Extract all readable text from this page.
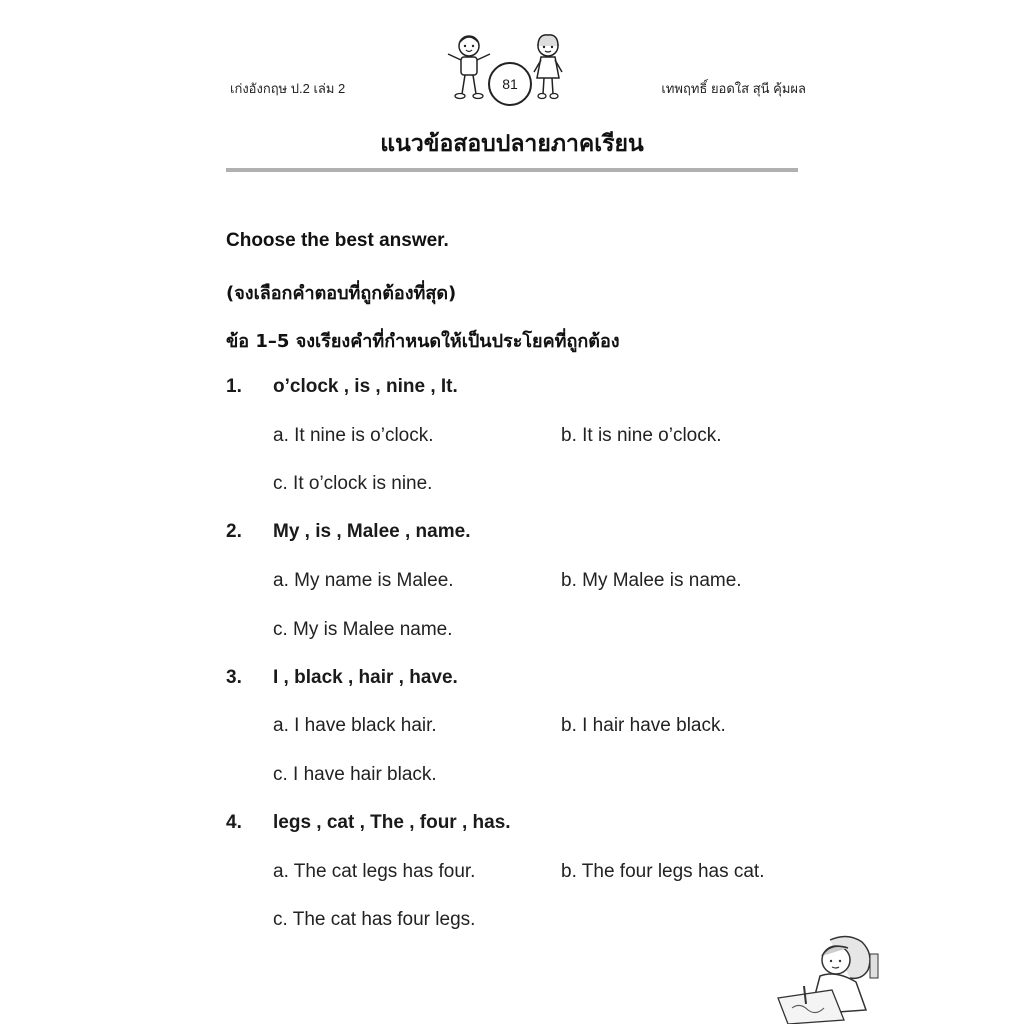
เก่งอังกฤษ ป.2 เล่ม 2	81	เทพฤทธิ์ ยอดใส สุนี คุ้มผล
แนวข้อสอบปลายภาคเรียน
Choose the best answer.
(จงเลือกคำตอบที่ถูกต้องที่สุด)
ข้อ 1–5 จงเรียงคำที่กำหนดให้เป็นประโยคที่ถูกต้อง
1. o’clock , is , nine , It.
a. It nine is o’clock.	b. It is nine o’clock.
c. It o’clock is nine.
2. My , is , Malee , name.
a. My name is Malee.	b. My Malee is name.
c. My is Malee name.
3. I , black , hair , have.
a. I have black hair.	b. I hair have black.
c. I have hair black.
4. legs , cat , The , four , has.
a. The cat legs has four.	b. The four legs has cat.
c. The cat has four legs.
